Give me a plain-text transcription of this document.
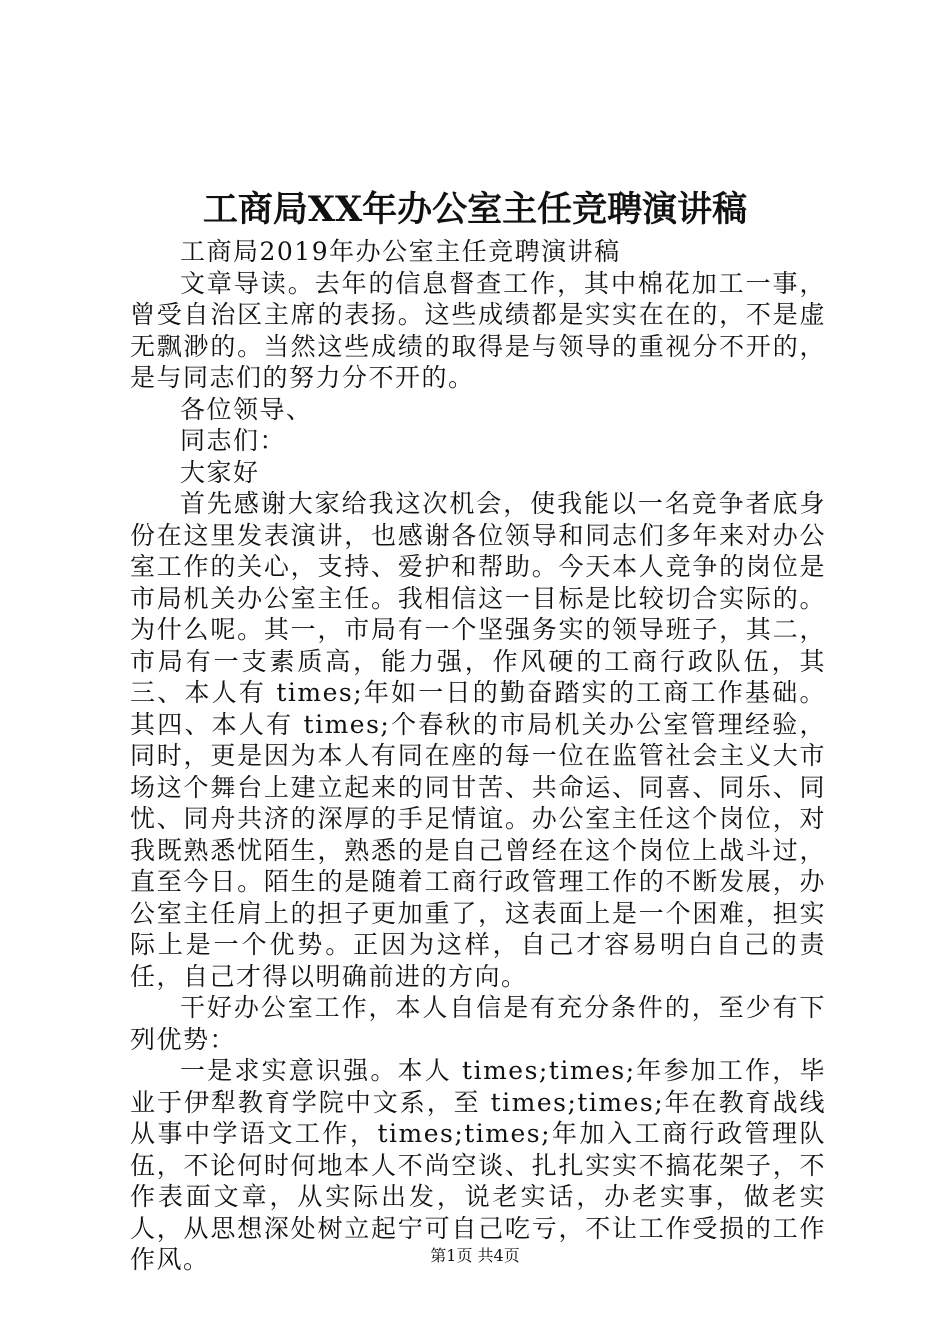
工商局XX年办公室主任竞聘演讲稿

工商局2019年办公室主任竞聘演讲稿

文章导读。去年的信息督查工作，其中棉花加工一事，曾受自治区主席的表扬。这些成绩都是实实在在的，不是虚无飘渺的。当然这些成绩的取得是与领导的重视分不开的，是与同志们的努力分不开的。

各位领导、

同志们：

大家好

首先感谢大家给我这次机会，使我能以一名竞争者底身份在这里发表演讲，也感谢各位领导和同志们多年来对办公室工作的关心，支持、爱护和帮助。今天本人竞争的岗位是市局机关办公室主任。我相信这一目标是比较切合实际的。为什么呢。其一，市局有一个坚强务实的领导班子，其二，市局有一支素质高，能力强，作风硬的工商行政队伍，其三、本人有 times;年如一日的勤奋踏实的工商工作基础。其四、本人有 times;个春秋的市局机关办公室管理经验，同时，更是因为本人有同在座的每一位在监管社会主义大市场这个舞台上建立起来的同甘苦、共命运、同喜、同乐、同忧、同舟共济的深厚的手足情谊。办公室主任这个岗位，对我既熟悉忧陌生，熟悉的是自己曾经在这个岗位上战斗过，直至今日。陌生的是随着工商行政管理工作的不断发展，办公室主任肩上的担子更加重了，这表面上是一个困难，担实际上是一个优势。正因为这样，自己才容易明白自己的责任，自己才得以明确前进的方向。

干好办公室工作，本人自信是有充分条件的，至少有下列优势：

一是求实意识强。本人 times;times;年参加工作，毕业于伊犁教育学院中文系，至 times;times;年在教育战线从事中学语文工作，times;times;年加入工商行政管理队伍，不论何时何地本人不尚空谈、扎扎实实不搞花架子，不作表面文章，从实际出发，说老实话，办老实事，做老实人，从思想深处树立起宁可自己吃亏，不让工作受损的工作作风。	第1页 共4页
